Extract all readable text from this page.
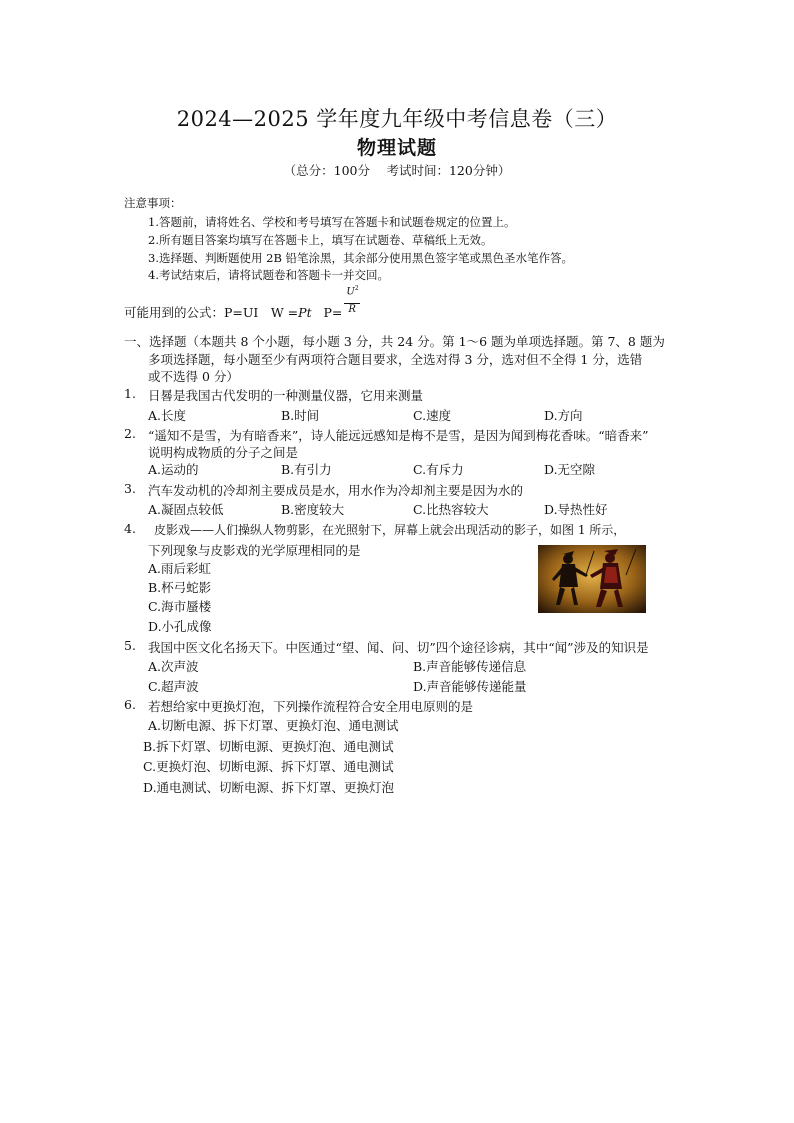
2024—2025 学年度九年级中考信息卷（三）
物理试题
（总分：100分　 考试时间：120分钟）
注意事项：
1.答题前，请将姓名、学校和考号填写在答题卡和试题卷规定的位置上。
2.所有题目答案均填写在答题卡上，填写在试题卷、草稿纸上无效。
3.选择题、判断题使用 2B 铅笔涂黑，其余部分使用黑色签字笔或黑色圣水笔作答。
4.考试结束后，请将试题卷和答题卡一并交回。
可能用到的公式：P=UI　W =Pt $P= \frac{U^2}{R}$
一、选择题（本题共 8 个小题，每小题 3 分，共 24 分。第 1～6 题为单项选择题。第 7、8 题为
多项选择题，每小题至少有两项符合题目要求，全选对得 3 分，选对但不全得 1 分，选错
或不选得 0 分）
1. 日晷是我国古代发明的一种测量仪器，它用来测量
A.长度	B.时间	C.速度	D.方向
2. “遥知不是雪，为有暗香来”，诗人能远远感知是梅不是雪，是因为闻到梅花香味。“暗香来”
说明构成物质的分子之间是
A.运动的	B.有引力	C.有斥力	D.无空隙
3. 汽车发动机的冷却剂主要成员是水，用水作为冷却剂主要是因为水的
A.凝固点较低	B.密度较大	C.比热容较大	D.导热性好
4. 皮影戏——人们操纵人物剪影，在光照射下，屏幕上就会出现活动的影子，如图 1 所示，
下列现象与皮影戏的光学原理相同的是
A.雨后彩虹
B.杯弓蛇影
C.海市蜃楼
D.小孔成像
5. 我国中医文化名扬天下。中医通过“望、闻、问、切”四个途径诊病，其中“闻”涉及的知识是
A.次声波	B.声音能够传递信息
C.超声波	D.声音能够传递能量
6. 若想给家中更换灯泡，下列操作流程符合安全用电原则的是
A.切断电源、拆下灯罩、更换灯泡、通电测试
B.拆下灯罩、切断电源、更换灯泡、通电测试
C.更换灯泡、切断电源、拆下灯罩、通电测试
D.通电测试、切断电源、拆下灯罩、更换灯泡
